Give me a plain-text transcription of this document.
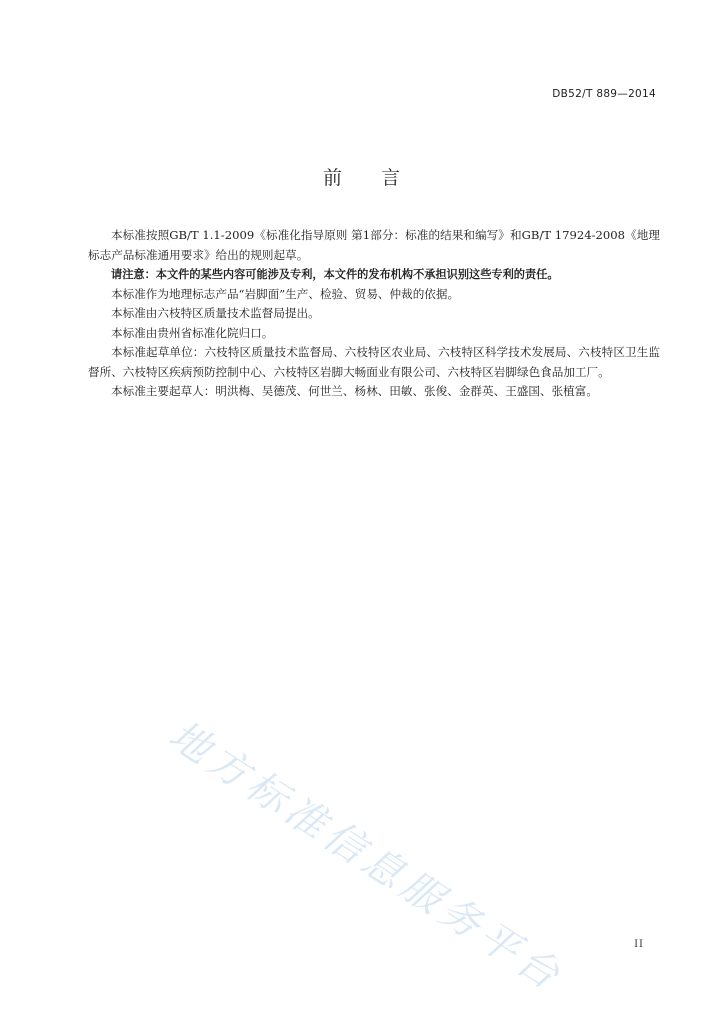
DB52/T 889—2014
前 言

本标准按照GB/T 1.1-2009《标准化指导原则 第1部分：标准的结果和编写》和GB/T 17924-2008《地理标志产品标准通用要求》给出的规则起草。

请注意：本文件的某些内容可能涉及专利，本文件的发布机构不承担识别这些专利的责任。

本标准作为地理标志产品“岩脚面”生产、检验、贸易、仲裁的依据。

本标准由六枝特区质量技术监督局提出。

本标准由贵州省标准化院归口。

本标准起草单位：六枝特区质量技术监督局、六枝特区农业局、六枝特区科学技术发展局、六枝特区卫生监督所、六枝特区疾病预防控制中心、六枝特区岩脚大畅面业有限公司、六枝特区岩脚绿色食品加工厂。

本标准主要起草人：明洪梅、吴德茂、何世兰、杨林、田敏、张俊、金群英、王盛国、张植富。

地方标准信息服务平台	II
